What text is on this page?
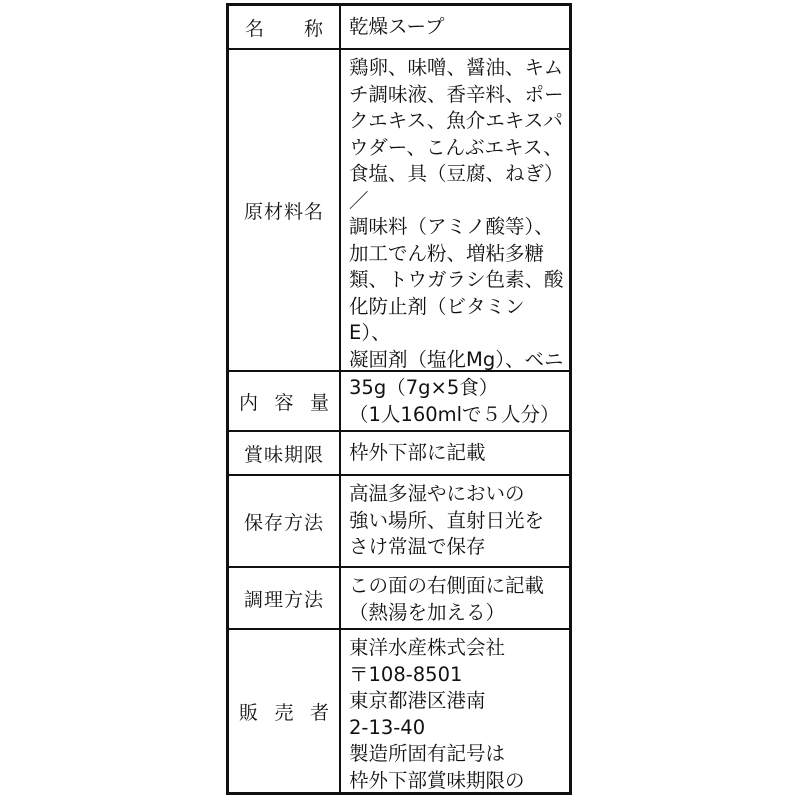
名 称	乾燥スープ
原材料名
鶏卵、味噌、醤油、キム
チ調味液、香辛料、ポー
クエキス、魚介エキスパ
ウダー、こんぶエキス、
食塩、具（豆腐、ねぎ）／
調味料（アミノ酸等）、
加工でん粉、増粘多糖
類、トウガラシ色素、酸
化防止剤（ビタミンE）、
凝固剤（塩化Mg）、ベニ

内 容 量
35g（7g×5食）
（1人160mlで５人分）
賞味期限	枠外下部に記載
保存方法
高温多湿やにおいの
強い場所、直射日光を
さけ常温で保存
調理方法
この面の右側面に記載
（熱湯を加える）
販 売 者
東洋水産株式会社
〒108-8501
東京都港区港南
2-13-40
製造所固有記号は
枠外下部賞味期限の
